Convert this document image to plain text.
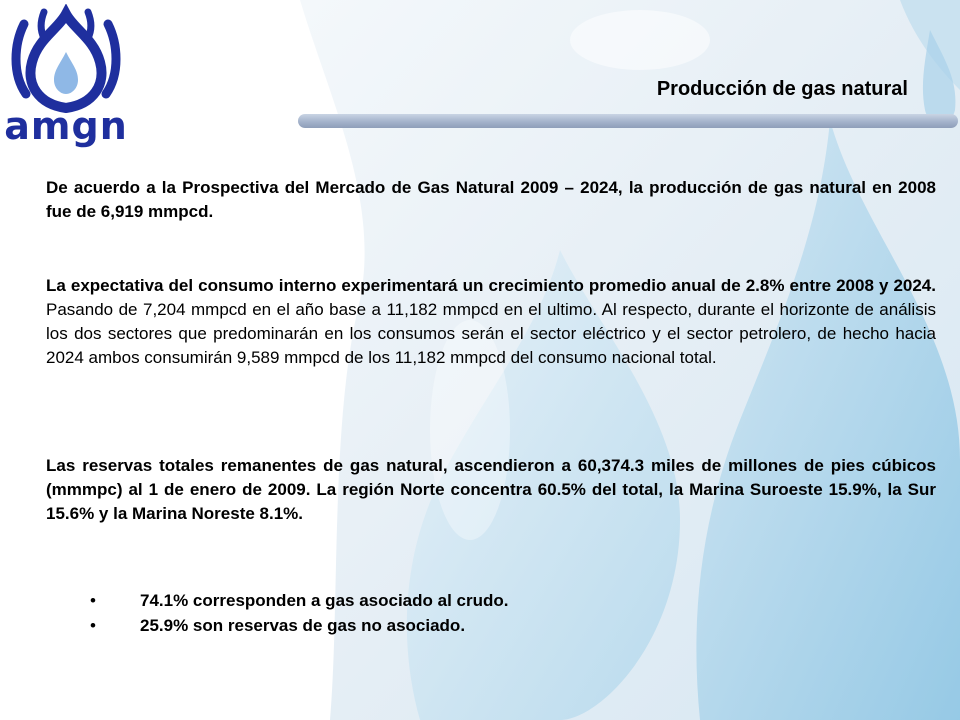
amgn
Producción de gas natural

De acuerdo a la Prospectiva del Mercado de Gas Natural 2009 – 2024, la producción de gas natural en 2008 fue de 6,919 mmpcd.

La expectativa del consumo interno experimentará un crecimiento promedio anual de 2.8% entre 2008 y 2024. Pasando de 7,204 mmpcd en el año base a 11,182 mmpcd en el ultimo. Al respecto, durante el horizonte de análisis los dos sectores que predominarán en los consumos serán el sector eléctrico y el sector petrolero, de hecho hacia 2024 ambos consumirán 9,589 mmpcd de los 11,182 mmpcd del consumo nacional total.

Las reservas totales remanentes de gas natural, ascendieron a 60,374.3 miles de millones de pies cúbicos (mmmpc) al 1 de enero de 2009. La región Norte concentra 60.5% del total, la Marina Suroeste 15.9%, la Sur 15.6% y la Marina Noreste 8.1%.

•	74.1% corresponden a gas asociado al crudo.
•	25.9% son reservas de gas no asociado.
